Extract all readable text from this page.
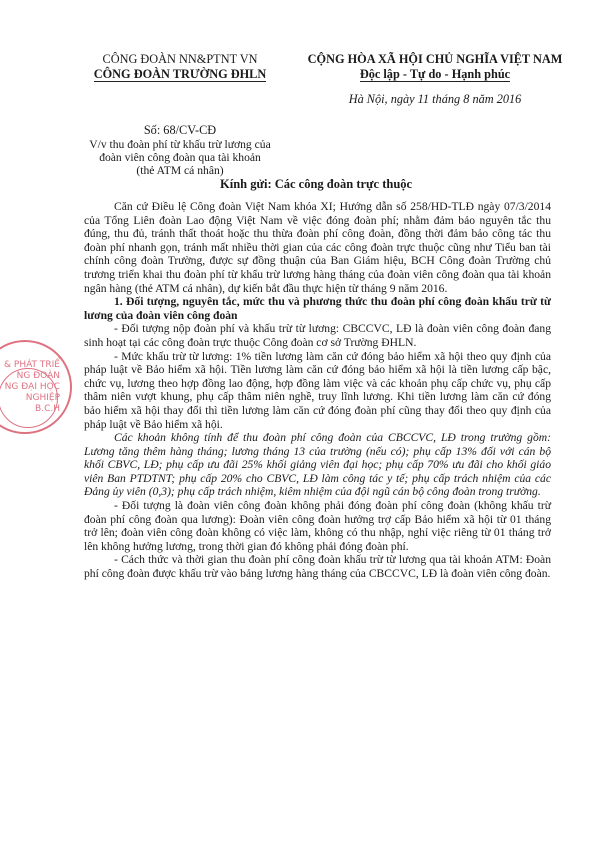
CÔNG ĐOÀN NN&PTNT VN
CÔNG ĐOÀN TRƯỜNG ĐHLN
CỘNG HÒA XÃ HỘI CHỦ NGHĨA VIỆT NAM
Độc lập - Tự do - Hạnh phúc
Hà Nội, ngày 11 tháng 8 năm 2016
Số: 68/CV-CĐ
V/v thu đoàn phí từ khấu trừ lương của
đoàn viên công đoàn qua tài khoản
(thẻ ATM cá nhân)
Kính gửi: Các công đoàn trực thuộc
& PHÁT TRIỂ
NG ĐOÀN
NG ĐẠI HỌC
NGHIỆP
B.C.H

Căn cứ Điều lệ Công đoàn Việt Nam khóa XI; Hướng dẫn số 258/HD-TLĐ ngày 07/3/2014 của Tổng Liên đoàn Lao động Việt Nam về việc đóng đoàn phí; nhằm đảm bảo nguyên tắc thu đúng, thu đủ, tránh thất thoát hoặc thu thừa đoàn phí công đoàn, đồng thời đảm bảo công tác thu đoàn phí nhanh gọn, tránh mất nhiều thời gian của các công đoàn trực thuộc cũng như Tiểu ban tài chính công đoàn Trường, được sự đồng thuận của Ban Giám hiệu, BCH Công đoàn Trường chủ trương triển khai thu đoàn phí từ khấu trừ lương hàng tháng của đoàn viên công đoàn qua tài khoản ngân hàng (thẻ ATM cá nhân), dự kiến bắt đầu thực hiện từ tháng 9 năm 2016.

1. Đối tượng, nguyên tắc, mức thu và phương thức thu đoàn phí công đoàn khấu trừ từ lương của đoàn viên công đoàn

- Đối tượng nộp đoàn phí và khấu trừ từ lương: CBCCVC, LĐ là đoàn viên công đoàn đang sinh hoạt tại các công đoàn trực thuộc Công đoàn cơ sở Trường ĐHLN.

- Mức khấu trừ từ lương: 1% tiền lương làm căn cứ đóng bảo hiểm xã hội theo quy định của pháp luật về Bảo hiểm xã hội. Tiền lương làm căn cứ đóng bảo hiểm xã hội là tiền lương cấp bậc, chức vụ, lương theo hợp đồng lao động, hợp đồng làm việc và các khoản phụ cấp chức vụ, phụ cấp thâm niên vượt khung, phụ cấp thâm niên nghề, truy lĩnh lương. Khi tiền lương làm căn cứ đóng bảo hiểm xã hội thay đổi thì tiền lương làm căn cứ đóng đoàn phí cũng thay đổi theo quy định của pháp luật về Bảo hiểm xã hội.

Các khoản không tính để thu đoàn phí công đoàn của CBCCVC, LĐ trong trường gồm: Lương tăng thêm hàng tháng; lương tháng 13 của trường (nếu có); phụ cấp 13% đối với cán bộ khối CBVC, LĐ; phụ cấp ưu đãi 25% khối giảng viên đại học; phụ cấp 70% ưu đãi cho khối giáo viên Ban PTDTNT; phụ cấp 20% cho CBVC, LĐ làm công tác y tế; phụ cấp trách nhiệm của các Đảng ủy viên (0,3); phụ cấp trách nhiệm, kiêm nhiệm của đội ngũ cán bộ công đoàn trong trường.

- Đối tượng là đoàn viên công đoàn không phải đóng đoàn phí công đoàn (không khấu trừ đoàn phí công đoàn qua lương): Đoàn viên công đoàn hưởng trợ cấp Bảo hiểm xã hội từ 01 tháng trở lên; đoàn viên công đoàn không có việc làm, không có thu nhập, nghỉ việc riêng từ 01 tháng trở lên không hưởng lương, trong thời gian đó không phải đóng đoàn phí.

- Cách thức và thời gian thu đoàn phí công đoàn khấu trừ từ lương qua tài khoản ATM: Đoàn phí công đoàn được khấu trừ vào bảng lương hàng tháng của CBCCVC, LĐ là đoàn viên công đoàn.
